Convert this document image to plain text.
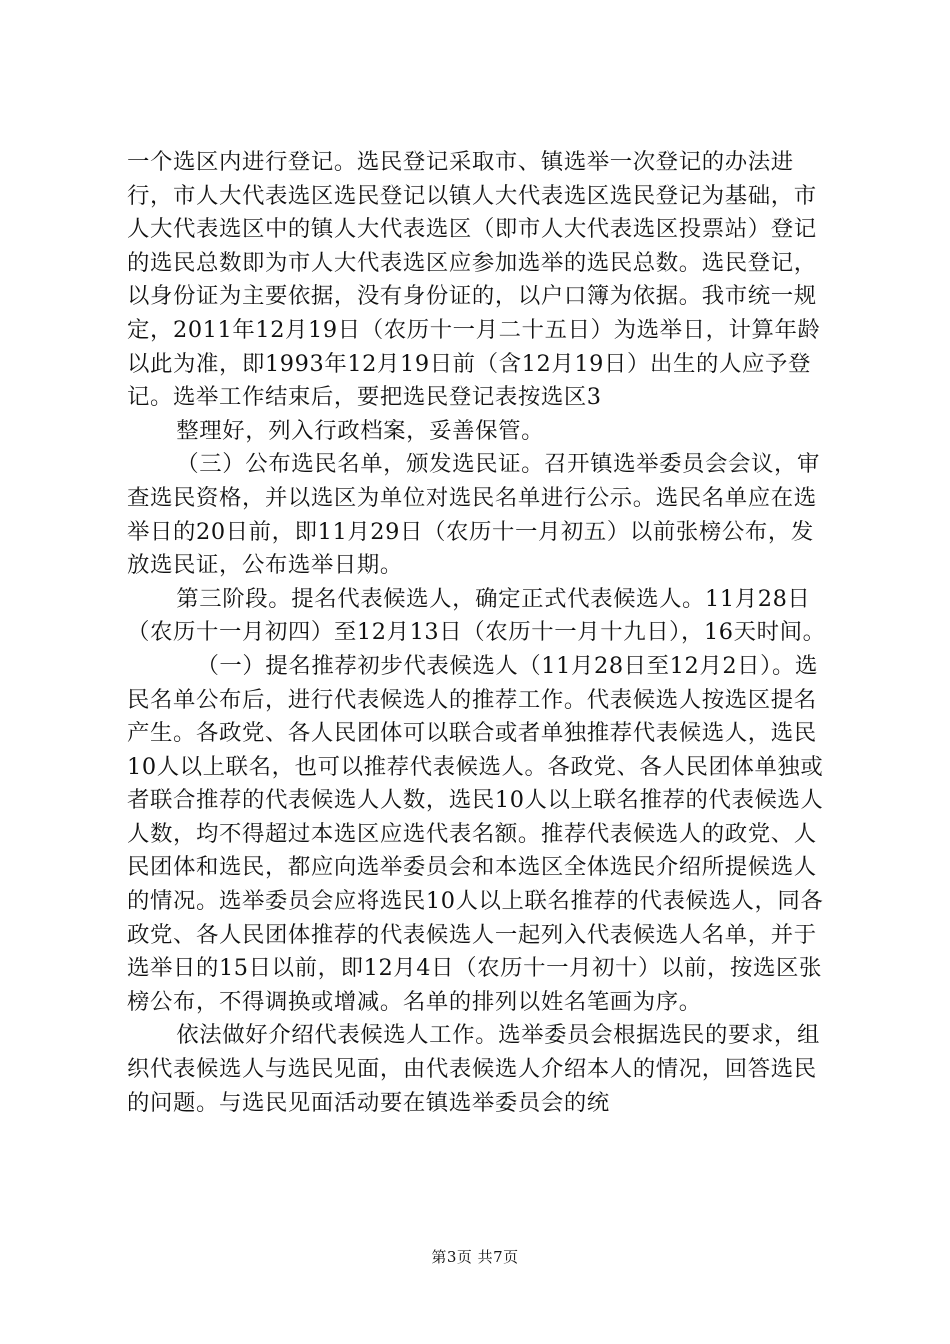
一个选区内进行登记。选民登记采取市、镇选举一次登记的办法进行，市人大代表选区选民登记以镇人大代表选区选民登记为基础，市人大代表选区中的镇人大代表选区（即市人大代表选区投票站）登记的选民总数即为市人大代表选区应参加选举的选民总数。选民登记，以身份证为主要依据，没有身份证的，以户口簿为依据。我市统一规定，2011年12月19日（农历十一月二十五日）为选举日，计算年龄以此为准，即1993年12月19日前（含12月19日）出生的人应予登记。选举工作结束后，要把选民登记表按选区3

整理好，列入行政档案，妥善保管。

（三）公布选民名单，颁发选民证。召开镇选举委员会会议，审查选民资格，并以选区为单位对选民名单进行公示。选民名单应在选举日的20日前，即11月29日（农历十一月初五）以前张榜公布，发放选民证，公布选举日期。

第三阶段。提名代表候选人，确定正式代表候选人。11月28日（农历十一月初四）至12月13日（农历十一月十九日），16天时间。

（一）提名推荐初步代表候选人（11月28日至12月2日）。选民名单公布后，进行代表候选人的推荐工作。代表候选人按选区提名产生。各政党、各人民团体可以联合或者单独推荐代表候选人，选民10人以上联名，也可以推荐代表候选人。各政党、各人民团体单独或者联合推荐的代表候选人人数，选民10人以上联名推荐的代表候选人人数，均不得超过本选区应选代表名额。推荐代表候选人的政党、人民团体和选民，都应向选举委员会和本选区全体选民介绍所提候选人的情况。选举委员会应将选民10人以上联名推荐的代表候选人，同各政党、各人民团体推荐的代表候选人一起列入代表候选人名单，并于选举日的15日以前，即12月4日（农历十一月初十）以前，按选区张榜公布，不得调换或增减。名单的排列以姓名笔画为序。

依法做好介绍代表候选人工作。选举委员会根据选民的要求，组织代表候选人与选民见面，由代表候选人介绍本人的情况，回答选民的问题。与选民见面活动要在镇选举委员会的统

第3页 共7页
